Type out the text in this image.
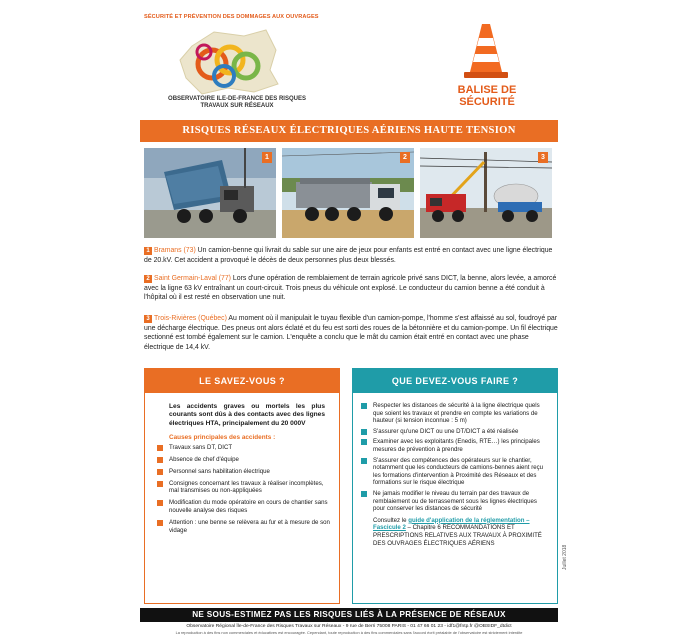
SÉCURITÉ ET PRÉVENTION DES DOMMAGES AUX OUVRAGES
OBSERVATOIRE ILE-DE-FRANCE DES RISQUES TRAVAUX SUR RÉSEAUX
BALISE DE
SÉCURITÉ
RISQUES RÉSEAUX ÉLECTRIQUES AÉRIENS HAUTE TENSION
1	2	3
1 Bramans (73) Un camion-benne qui livrait du sable sur une aire de jeux pour enfants est entré en contact avec une ligne électrique de 20.kV. Cet accident a provoqué le décès de deux personnes plus deux blessés.
2 Saint Germain-Laval (77) Lors d'une opération de remblaiement de terrain agricole privé sans DICT, la benne, alors levée, a amorcé avec la ligne 63 kV entraînant un court-circuit. Trois pneus du véhicule ont explosé. Le conducteur du camion benne a été conduit à l'hôpital où il est resté en observation une nuit.
3 Trois-Rivières (Québec) Au moment où il manipulait le tuyau flexible d'un camion-pompe, l'homme s'est affaissé au sol, foudroyé par une décharge électrique. Des pneus ont alors éclaté et du feu est sorti des roues de la bétonnière et du camion-pompe. Un fil électrique sectionné est tombé également sur le camion. L'enquête a conclu que le mât du camion était entré en contact avec une phase électrique de 14,4 kV.
LE SAVEZ-VOUS ?
Les accidents graves ou mortels les plus courants sont dûs à des contacts avec des lignes électriques HTA, principalement du 20 000V
Causes principales des accidents :
Travaux sans DT, DICT
Absence de chef d'équipe
Personnel sans habilitation électrique
Consignes concernant les travaux à réaliser incomplètes, mal transmises ou non-appliquées
Modification du mode opératoire en cours de chantier sans nouvelle analyse des risques
Attention : une benne se relèvera au fur et à mesure de son vidage
QUE DEVEZ-VOUS FAIRE ?
Respecter les distances de sécurité à la ligne électrique quels que soient les travaux et prendre en compte les variations de hauteur (si tension inconnue : 5 m)
S'assurer qu'une DICT ou une DT/DICT a été réalisée
Examiner avec les exploitants (Enedis, RTE…) les principales mesures de prévention à prendre
S'assurer des compétences des opérateurs sur le chantier, notamment que les conducteurs de camions-bennes aient reçu les formations d'intervention à Proximité des Réseaux et des formations sur le risque électrique
Ne jamais modifier le niveau du terrain par des travaux de remblaiement ou de terrassement sous les lignes électriques pour conserver les distances de sécurité
Consultez le guide d'application de la réglementation – Fascicule 2 – Chapitre 6 RECOMMANDATIONS ET PRESCRIPTIONS RELATIVES AUX TRAVAUX À PROXIMITÉ DES OUVRAGES ÉLECTRIQUES AÉRIENS
Juillet 2018
NE SOUS-ESTIMEZ PAS LES RISQUES LIÉS À LA PRÉSENCE DE RÉSEAUX
Observatoire Régional Île-de-France des Risques Travaux sur Réseaux - 9 rue de Berri 75008 PARIS - 01 47 66 01 23 - idf1@fntp.fr @OBSIDF_dtdict
La reproduction à des fins non commerciales et éducatives est encouragée. Cependant, toute reproduction à des fins commerciales sans l'accord écrit préalable de l'observatoire est strictement interdite
